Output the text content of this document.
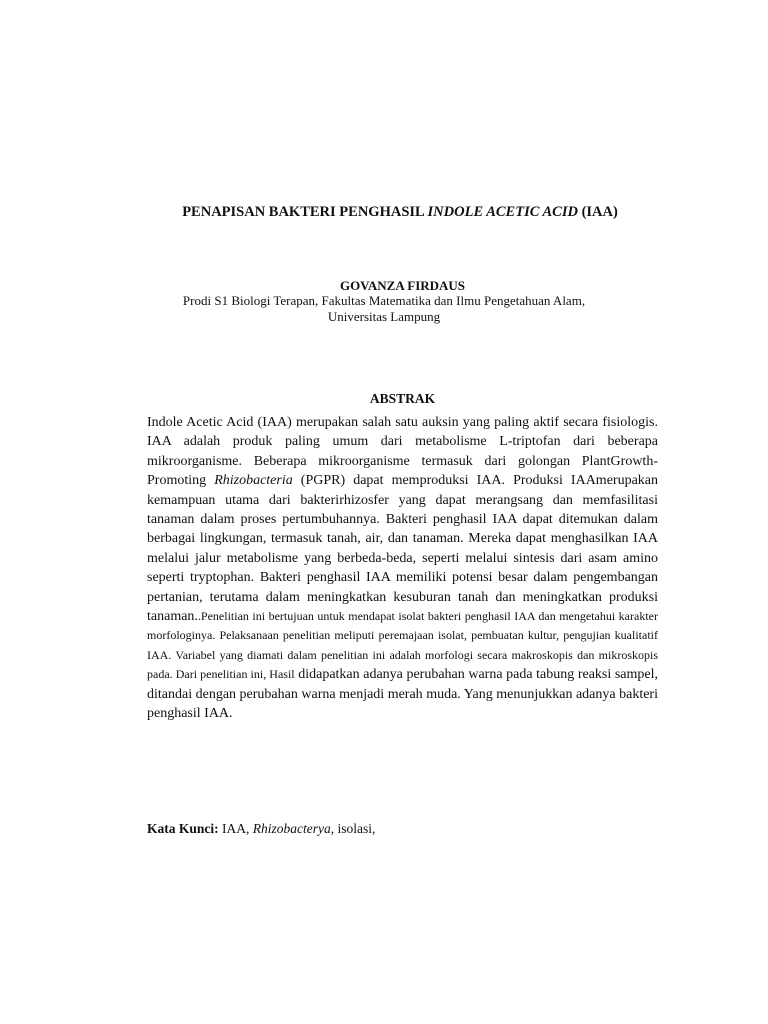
PENAPISAN BAKTERI PENGHASIL INDOLE ACETIC ACID (IAA)
GOVANZA FIRDAUS
Prodi S1 Biologi Terapan, Fakultas Matematika dan Ilmu Pengetahuan Alam,
Universitas Lampung
ABSTRAK
Indole Acetic Acid (IAA) merupakan salah satu auksin yang paling aktif secara fisiologis. IAA adalah produk paling umum dari metabolisme L-triptofan dari beberapa mikroorganisme. Beberapa mikroorganisme termasuk dari golongan PlantGrowth-Promoting Rhizobacteria (PGPR) dapat memproduksi IAA. Produksi IAAmerupakan kemampuan utama dari bakterirhizosfer yang dapat merangsang dan memfasilitasi tanaman dalam proses pertumbuhannya. Bakteri penghasil IAA dapat ditemukan dalam berbagai lingkungan, termasuk tanah, air, dan tanaman. Mereka dapat menghasilkan IAA melalui jalur metabolisme yang berbeda-beda, seperti melalui sintesis dari asam amino seperti tryptophan. Bakteri penghasil IAA memiliki potensi besar dalam pengembangan pertanian, terutama dalam meningkatkan kesuburan tanah dan meningkatkan produksi tanaman..Penelitian ini bertujuan untuk mendapat isolat bakteri penghasil IAA dan mengetahui karakter morfologinya. Pelaksanaan penelitian meliputi peremajaan isolat, pembuatan kultur, pengujian kualitatif IAA. Variabel yang diamati dalam penelitian ini adalah morfologi secara makroskopis dan mikroskopis pada. Dari penelitian ini, Hasil didapatkan adanya perubahan warna pada tabung reaksi sampel, ditandai dengan perubahan warna menjadi merah muda. Yang menunjukkan adanya bakteri penghasil IAA.
Kata Kunci: IAA, Rhizobacterya, isolasi,
